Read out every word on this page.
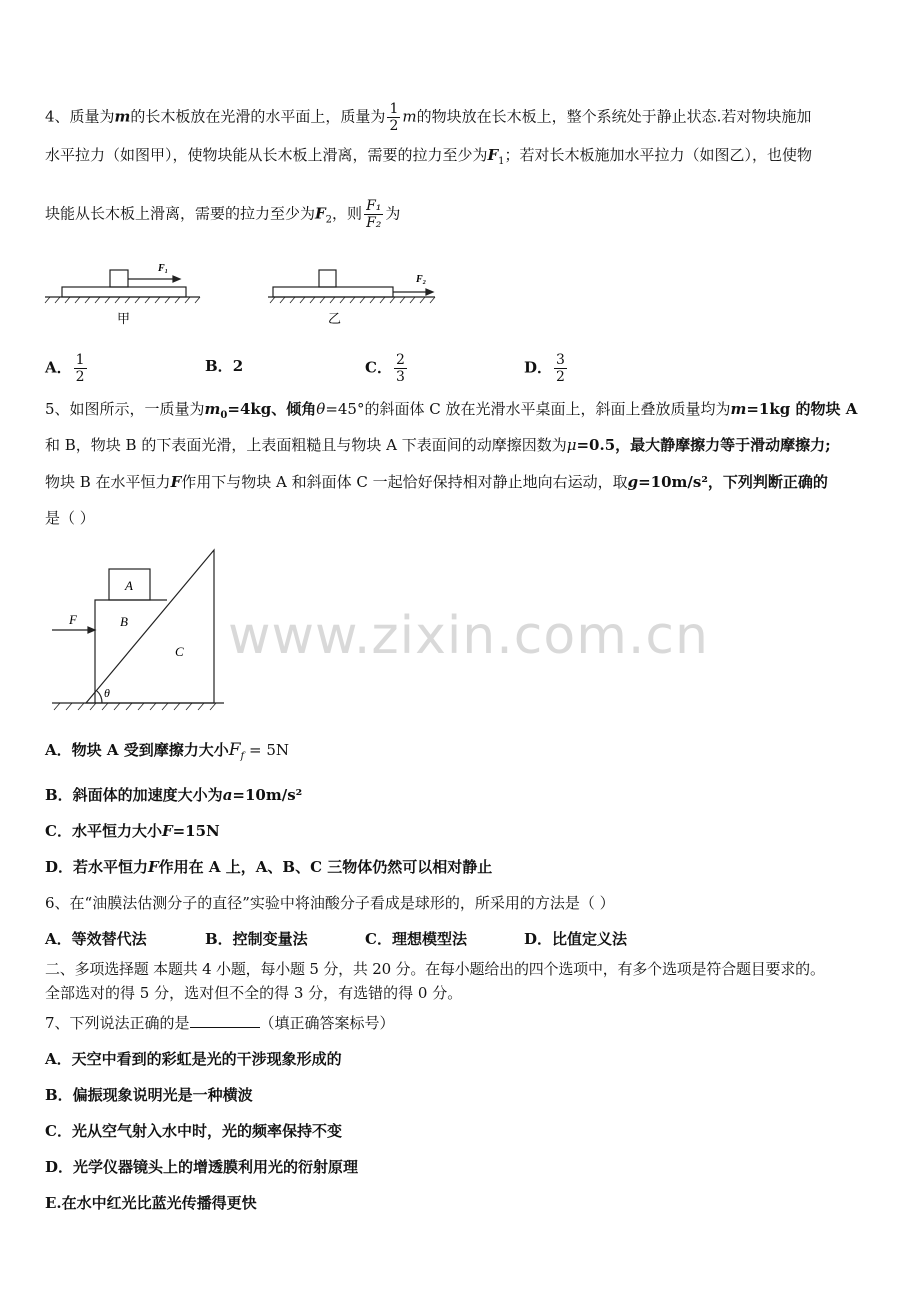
4、质量为m的长木板放在光滑的水平面上，质量为 $\frac{1}{2}$ m的物块放在长木板上，整个系统处于静止状态.若对物块施加
水平拉力（如图甲），使物块能从长木板上滑离，需要的拉力至少为$F_1$；若对长木板施加水平拉力（如图乙），也使物
块能从长木板上滑离，需要的拉力至少为$F_2$，则 $\frac{\text{F₁}}{\text{F₂}}$ 为
F₁
甲
F₂
乙
A． $\frac{1}{2}$	B．2	C． $\frac{2}{3}$	D． $\frac{3}{2}$
5、如图所示，一质量为$m_0=4kg$、倾角θ=45°的斜面体 C 放在光滑水平桌面上，斜面上叠放质量均为m=1kg 的物块 A
和 B，物块 B 的下表面光滑，上表面粗糙且与物块 A 下表面间的动摩擦因数为μ=0.5，最大静摩擦力等于滑动摩擦力;
物块 B 在水平恒力F作用下与物块 A 和斜面体 C 一起恰好保持相对静止地向右运动，取g=10m/s²，下列判断正确的
是（ ）
A
B
C
F
θ
www.zixin.com.cn
A．物块 A 受到摩擦力大小$F_f = 5N$
B．斜面体的加速度大小为a=10m/s²
C．水平恒力大小F=15N
D．若水平恒力F作用在 A 上，A、B、C 三物体仍然可以相对静止
6、在“油膜法估测分子的直径”实验中将油酸分子看成是球形的，所采用的方法是（ ）
A．等效替代法	B．控制变量法	C．理想模型法	D．比值定义法
二、多项选择题 本题共 4 小题，每小题 5 分，共 20 分。在每小题给出的四个选项中，有多个选项是符合题目要求的。
全部选对的得 5 分，选对但不全的得 3 分，有选错的得 0 分。
7、下列说法正确的是	（填正确答案标号）
A．天空中看到的彩虹是光的干涉现象形成的
B．偏振现象说明光是一种横波
C．光从空气射入水中时，光的频率保持不变
D．光学仪器镜头上的增透膜利用光的衍射原理
E.在水中红光比蓝光传播得更快
